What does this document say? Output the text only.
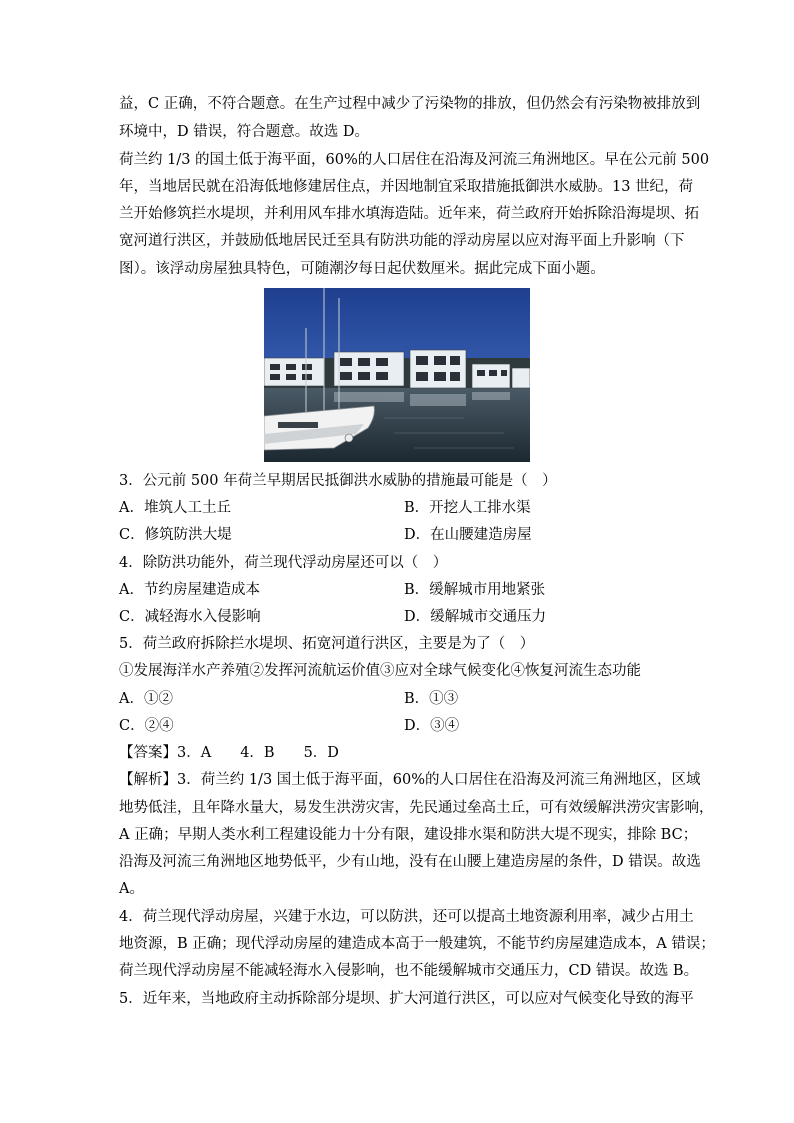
益，C 正确，不符合题意。在生产过程中减少了污染物的排放，但仍然会有污染物被排放到
环境中，D 错误，符合题意。故选 D。
荷兰约 1/3 的国土低于海平面，60%的人口居住在沿海及河流三角洲地区。早在公元前 500
年，当地居民就在沿海低地修建居住点，并因地制宜采取措施抵御洪水威胁。13 世纪，荷
兰开始修筑拦水堤坝，并利用风车排水填海造陆。近年来，荷兰政府开始拆除沿海堤坝、拓
宽河道行洪区，并鼓励低地居民迁至具有防洪功能的浮动房屋以应对海平面上升影响（下
图）。该浮动房屋独具特色，可随潮汐每日起伏数厘米。据此完成下面小题。
3．公元前 500 年荷兰早期居民抵御洪水威胁的措施最可能是（　）
A．堆筑人工土丘	B．开挖人工排水渠
C．修筑防洪大堤	D．在山腰建造房屋
4．除防洪功能外，荷兰现代浮动房屋还可以（　）
A．节约房屋建造成本	B．缓解城市用地紧张
C．减轻海水入侵影响	D．缓解城市交通压力
5．荷兰政府拆除拦水堤坝、拓宽河道行洪区，主要是为了（　）
①发展海洋水产养殖②发挥河流航运价值③应对全球气候变化④恢复河流生态功能
A．①②	B．①③
C．②④	D．③④
【答案】3．A　　4．B　　5．D
【解析】3．荷兰约 1/3 国土低于海平面，60%的人口居住在沿海及河流三角洲地区，区域
地势低洼，且年降水量大，易发生洪涝灾害，先民通过垒高土丘，可有效缓解洪涝灾害影响，
A 正确；早期人类水利工程建设能力十分有限，建设排水渠和防洪大堤不现实，排除 BC；
沿海及河流三角洲地区地势低平，少有山地，没有在山腰上建造房屋的条件，D 错误。故选
A。
4．荷兰现代浮动房屋，兴建于水边，可以防洪，还可以提高土地资源利用率，减少占用土
地资源，B 正确；现代浮动房屋的建造成本高于一般建筑，不能节约房屋建造成本，A 错误；
荷兰现代浮动房屋不能减轻海水入侵影响，也不能缓解城市交通压力，CD 错误。故选 B。
5．近年来，当地政府主动拆除部分堤坝、扩大河道行洪区，可以应对气候变化导致的海平
